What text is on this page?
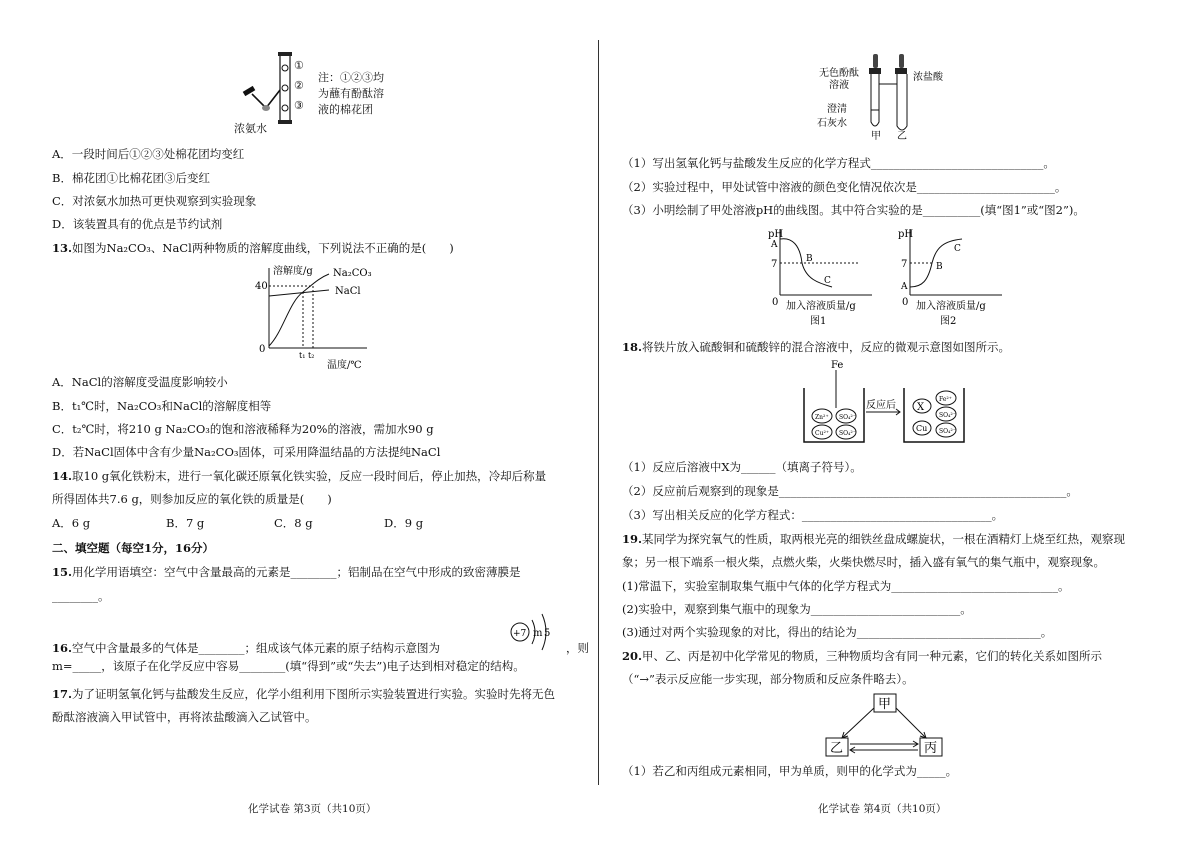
①
②
③
注：①②③均
为蘸有酚酞溶
液的棉花团
浓氨水
A．一段时间后①②③处棉花团均变红
B．棉花团①比棉花团③后变红
C．对浓氨水加热可更快观察到实验现象
D．该装置具有的优点是节约试剂
13.如图为Na₂CO₃、NaCl两种物质的溶解度曲线，下列说法不正确的是(　　)
溶解度/g
40
0
t₁ t₂
温度/℃
Na₂CO₃
NaCl
A．NaCl的溶解度受温度影响较小
B．t₁℃时，Na₂CO₃和NaCl的溶解度相等
C．t₂℃时，将210 g Na₂CO₃的饱和溶液稀释为20%的溶液，需加水90 g
D．若NaCl固体中含有少量Na₂CO₃固体，可采用降温结晶的方法提纯NaCl
14.取10 g氧化铁粉末，进行一氧化碳还原氧化铁实验，反应一段时间后，停止加热，冷却后称量
所得固体共7.6 g，则参加反应的氧化铁的质量是(　　)
A．6 g	B．7 g	C．8 g	D．9 g
二、填空题（每空1分，16分）
15.用化学用语填空：空气中含量最高的元素是________；铝制品在空气中形成的致密薄膜是
________。
16.空气中含量最多的气体是________；组成该气体元素的原子结构示意图为
+7 m 5
，则
m=_____，该原子在化学反应中容易________(填“得到”或“失去”)电子达到相对稳定的结构。
17.为了证明氢氧化钙与盐酸发生反应，化学小组利用下图所示实验装置进行实验。实验时先将无色
酚酞溶液滴入甲试管中，再将浓盐酸滴入乙试管中。
化学试卷 第3页（共10页）
无色酚酞
溶液
浓盐酸
澄清
石灰水
甲 乙
（1）写出氢氧化钙与盐酸发生反应的化学方程式______________________________。
（2）实验过程中，甲处试管中溶液的颜色变化情况依次是________________________。
（3）小明绘制了甲处溶液pH的曲线图。其中符合实验的是__________(填“图1”或“图2”)。
pH
A
7	B
C
0 加入溶液质量/g
图1
pH
A
7	B
C
0 加入溶液质量/g
图2
18.将铁片放入硫酸铜和硫酸锌的混合溶液中，反应的微观示意图如图所示。
Fe
Zn²⁺
Cu²⁺
SO₄²⁻
SO₄²⁻
反应后 X
Fe²⁺
SO₄²⁻
Cu SO₄²⁻
（1）反应后溶液中X为______（填离子符号）。
（2）反应前后观察到的现象是__________________________________________________。
（3）写出相关反应的化学方程式：_________________________________。
19.某同学为探究氧气的性质，取两根光亮的细铁丝盘成螺旋状，一根在酒精灯上烧至红热，观察现
象；另一根下端系一根火柴，点燃火柴，火柴快燃尽时，插入盛有氧气的集气瓶中，观察现象。
(1)常温下，实验室制取集气瓶中气体的化学方程式为_____________________________。
(2)实验中，观察到集气瓶中的现象为__________________________。
(3)通过对两个实验现象的对比，得出的结论为________________________________。
20.甲、乙、丙是初中化学常见的物质，三种物质均含有同一种元素，它们的转化关系如图所示
（“→”表示反应能一步实现，部分物质和反应条件略去）。
甲
乙	丙
（1）若乙和丙组成元素相同，甲为单质，则甲的化学式为_____。
化学试卷 第4页（共10页）
